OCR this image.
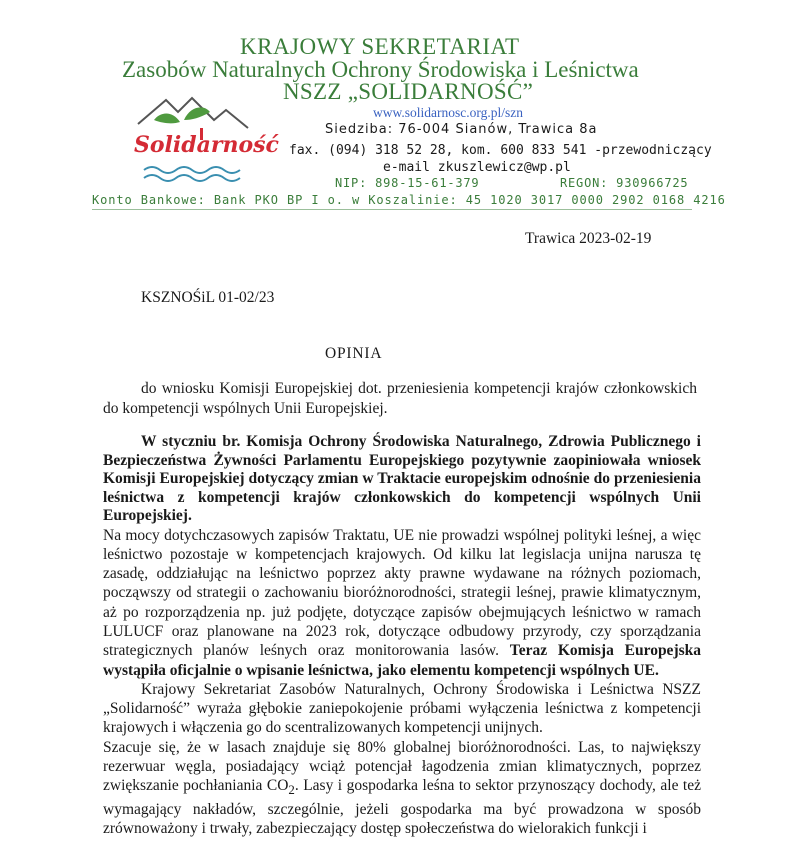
KRAJOWY SEKRETARIAT
Zasobów Naturalnych Ochrony Środowiska i Leśnictwa
NSZZ „SOLIDARNOŚĆ”
Solidarność
www.solidarnosc.org.pl/szn
Siedziba: 76-004 Sianów, Trawica 8a
fax. (094) 318 52 28, kom. 600 833 541 -przewodniczący
e-mail zkuszlewicz@wp.pl
NIP: 898-15-61-379	REGON: 930966725
Konto Bankowe: Bank PKO BP I o. w Koszalinie: 45 1020 3017 0000 2902 0168 4216
Trawica 2023-02-19
KSZNOŚiL 01-02/23
OPINIA
do wniosku Komisji Europejskiej dot. przeniesienia kompetencji krajów członkowskich do kompetencji wspólnych Unii Europejskiej.

W styczniu br. Komisja Ochrony Środowiska Naturalnego, Zdrowia Publicznego i Bezpieczeństwa Żywności Parlamentu Europejskiego pozytywnie zaopiniowała wniosek Komisji Europejskiej dotyczący zmian w Traktacie europejskim odnośnie do przeniesienia leśnictwa z kompetencji krajów członkowskich do kompetencji wspólnych Unii Europejskiej.

Na mocy dotychczasowych zapisów Traktatu, UE nie prowadzi wspólnej polityki leśnej, a więc leśnictwo pozostaje w kompetencjach krajowych. Od kilku lat legislacja unijna narusza tę zasadę, oddziałując na leśnictwo poprzez akty prawne wydawane na różnych poziomach, począwszy od strategii o zachowaniu bioróżnorodności, strategii leśnej, prawie klimatycznym, aż po rozporządzenia np. już podjęte, dotyczące zapisów obejmujących leśnictwo w ramach LULUCF oraz planowane na 2023 rok, dotyczące odbudowy przyrody, czy sporządzania strategicznych planów leśnych oraz monitorowania lasów. Teraz Komisja Europejska wystąpiła oficjalnie o wpisanie leśnictwa, jako elementu kompetencji wspólnych UE.

Krajowy Sekretariat Zasobów Naturalnych, Ochrony Środowiska i Leśnictwa NSZZ „Solidarność” wyraża głębokie zaniepokojenie próbami wyłączenia leśnictwa z kompetencji krajowych i włączenia go do scentralizowanych kompetencji unijnych.

Szacuje się, że w lasach znajduje się 80% globalnej bioróżnorodności. Las, to największy rezerwuar węgla, posiadający wciąż potencjał łagodzenia zmian klimatycznych, poprzez zwiększanie pochłaniania $CO_2$. Lasy i gospodarka leśna to sektor przynoszący dochody, ale też wymagający nakładów, szczególnie, jeżeli gospodarka ma być prowadzona w sposób zrównoważony i trwały, zabezpieczający dostęp społeczeństwa do wielorakich funkcji i
